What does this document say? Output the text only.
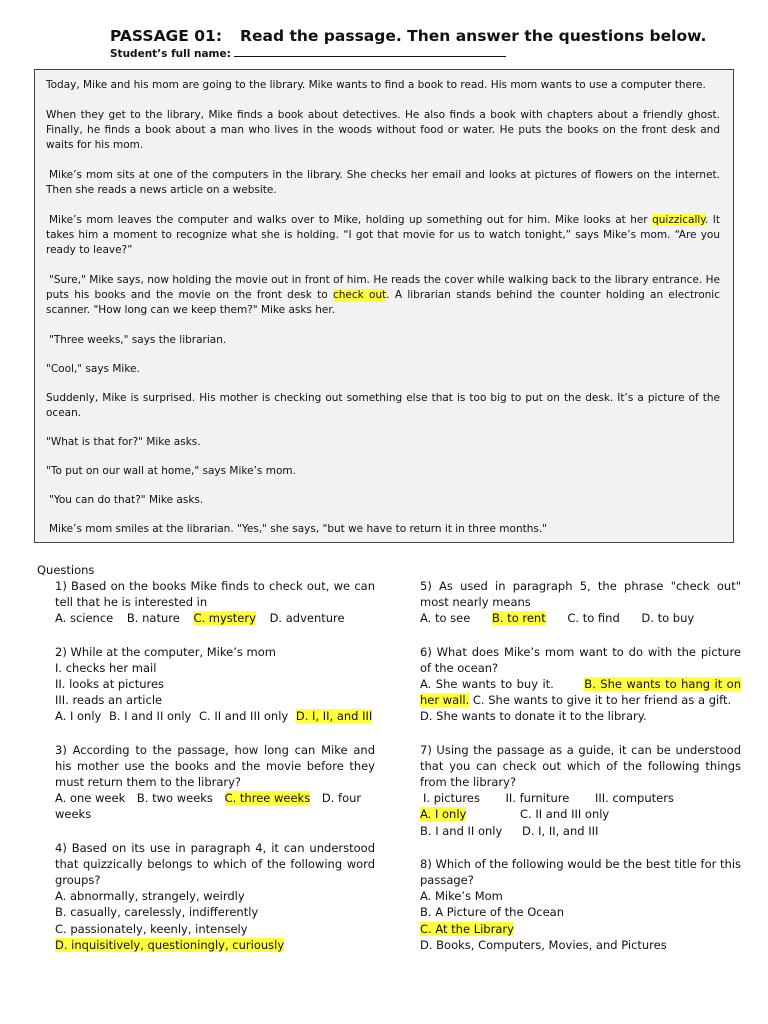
PASSAGE 01: Read the passage. Then answer the questions below.
Student’s full name:

Today, Mike and his mom are going to the library. Mike wants to find a book to read. His mom wants to use a computer there.

When they get to the library, Mike finds a book about detectives. He also finds a book with chapters about a friendly ghost. Finally, he finds a book about a man who lives in the woods without food or water. He puts the books on the front desk and waits for his mom.

Mike’s mom sits at one of the computers in the library. She checks her email and looks at pictures of flowers on the internet. Then she reads a news article on a website.

Mike’s mom leaves the computer and walks over to Mike, holding up something out for him. Mike looks at her quizzically. It takes him a moment to recognize what she is holding. “I got that movie for us to watch tonight,” says Mike’s mom. “Are you ready to leave?”

"Sure," Mike says, now holding the movie out in front of him. He reads the cover while walking back to the library entrance. He puts his books and the movie on the front desk to check out. A librarian stands behind the counter holding an electronic scanner. "How long can we keep them?" Mike asks her.

"Three weeks," says the librarian.

"Cool," says Mike.

Suddenly, Mike is surprised. His mother is checking out something else that is too big to put on the desk. It’s a picture of the ocean.

"What is that for?" Mike asks.

"To put on our wall at home," says Mike’s mom.

"You can do that?" Mike asks.

Mike’s mom smiles at the librarian. "Yes," she says, "but we have to return it in three months."

Questions
1) Based on the books Mike finds to check out, we can tell that he is interested in
A. science B. nature C. mystery D. adventure
2) While at the computer, Mike’s mom
I. checks her mail
II. looks at pictures
III. reads an article
A. I only B. I and II only C. II and III only D. I, II, and III
3) According to the passage, how long can Mike and his mother use the books and the movie before they must return them to the library?
A. one week B. two weeks C. three weeks D. four weeks
4) Based on its use in paragraph 4, it can understood that quizzically belongs to which of the following word groups?
A. abnormally, strangely, weirdly
B. casually, carelessly, indifferently
C. passionately, keenly, intensely
D. inquisitively, questioningly, curiously
5) As used in paragraph 5, the phrase "check out" most nearly means
A. to see B. to rent C. to find D. to buy
6) What does Mike’s mom want to do with the picture of the ocean?
A. She wants to buy it.	B. She wants to hang it on her wall. C. She wants to give it to her friend as a gift.
D. She wants to donate it to the library.
7) Using the passage as a guide, it can be understood that you can check out which of the following things from the library?
I. pictures II. furniture III. computers
A. I only	C. II and III only
B. I and II only D. I, II, and III
8) Which of the following would be the best title for this passage?
A. Mike’s Mom
B. A Picture of the Ocean
C. At the Library
D. Books, Computers, Movies, and Pictures
